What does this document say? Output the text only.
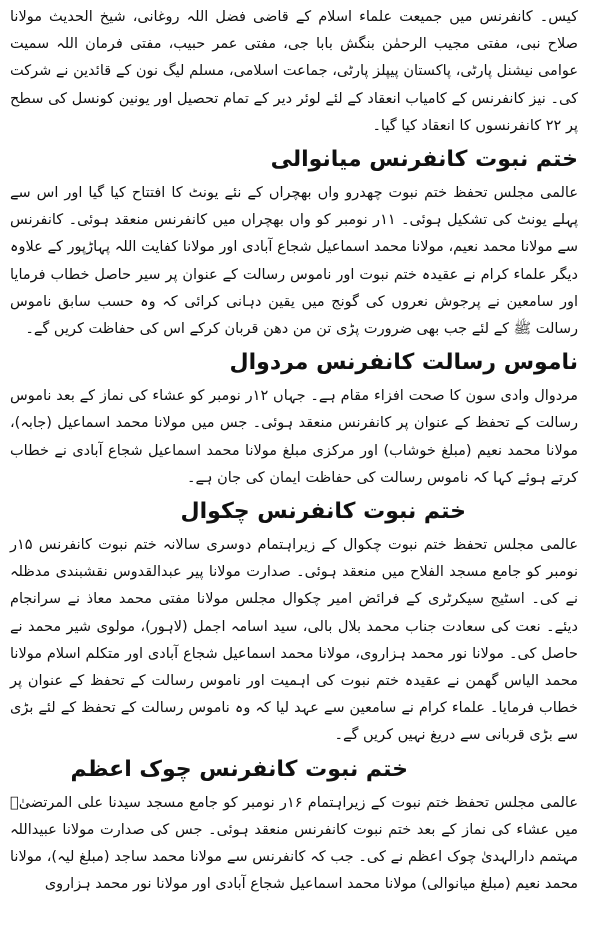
کیس۔ کانفرنس میں جمیعت علماء اسلام کے قاضی فضل اللہ روغانی، شیخ الحدیث مولانا صلاح نبی، مفتی مجیب الرحمٰن بنگش بابا جی، مفتی عمر حبیب، مفتی فرمان اللہ سمیت عوامی نیشنل پارٹی، پاکستان پیپلز پارٹی، جماعت اسلامی، مسلم لیگ نون کے قائدین نے شرکت کی۔ نیز کانفرنس کے کامیاب انعقاد کے لئے لوئر دیر کے تمام تحصیل اور یونین کونسل کی سطح پر ۲۲ کانفرنسوں کا انعقاد کیا گیا۔

ختم نبوت کانفرنس میانوالی

عالمی مجلس تحفظ ختم نبوت چھدرو واں بھچراں کے نئے یونٹ کا افتتاح کیا گیا اور اس سے پہلے یونٹ کی تشکیل ہوئی۔ ۱۱ر نومبر کو واں بھچراں میں کانفرنس منعقد ہوئی۔ کانفرنس سے مولانا محمد نعیم، مولانا محمد اسماعیل شجاع آبادی اور مولانا کفایت اللہ پہاڑپور کے علاوہ دیگر علماء کرام نے عقیدہ ختم نبوت اور ناموس رسالت کے عنوان پر سیر حاصل خطاب فرمایا اور سامعین نے پرجوش نعروں کی گونج میں یقین دہانی کرائی کہ وہ حسب سابق ناموس رسالت ﷺ کے لئے جب بھی ضرورت پڑی تن من دھن قربان کرکے اس کی حفاظت کریں گے۔

ناموس رسالت کانفرنس مردوال

مردوال وادی سون کا صحت افزاء مقام ہے۔ جہاں ۱۲ر نومبر کو عشاء کی نماز کے بعد ناموس رسالت کے تحفظ کے عنوان پر کانفرنس منعقد ہوئی۔ جس میں مولانا محمد اسماعیل (جابہ)، مولانا محمد نعیم (مبلغ خوشاب) اور مرکزی مبلغ مولانا محمد اسماعیل شجاع آبادی نے خطاب کرتے ہوئے کہا کہ ناموس رسالت کی حفاظت ایمان کی جان ہے۔

ختم نبوت کانفرنس چکوال

عالمی مجلس تحفظ ختم نبوت چکوال کے زیراہتمام دوسری سالانہ ختم نبوت کانفرنس ۱۵ر نومبر کو جامع مسجد الفلاح میں منعقد ہوئی۔ صدارت مولانا پیر عبدالقدوس نقشبندی مدظلہ نے کی۔ اسٹیج سیکرٹری کے فرائض امیر چکوال مجلس مولانا مفتی محمد معاذ نے سرانجام دیئے۔ نعت کی سعادت جناب محمد بلال بالی، سید اسامہ اجمل (لاہور)، مولوی شیر محمد نے حاصل کی۔ مولانا نور محمد ہزاروی، مولانا محمد اسماعیل شجاع آبادی اور متکلم اسلام مولانا محمد الیاس گھمن نے عقیدہ ختم نبوت کی اہمیت اور ناموس رسالت کے تحفظ کے عنوان پر خطاب فرمایا۔ علماء کرام نے سامعین سے عہد لیا کہ وہ ناموس رسالت کے تحفظ کے لئے بڑی سے بڑی قربانی سے دریغ نہیں کریں گے۔

ختم نبوت کانفرنس چوک اعظم

عالمی مجلس تحفظ ختم نبوت کے زیراہتمام ۱۶ر نومبر کو جامع مسجد سیدنا علی المرتضیٰؓ میں عشاء کی نماز کے بعد ختم نبوت کانفرنس منعقد ہوئی۔ جس کی صدارت مولانا عبیداللہ مہتمم دارالہدیٰ چوک اعظم نے کی۔ جب کہ کانفرنس سے مولانا محمد ساجد (مبلغ لیہ)، مولانا محمد نعیم (مبلغ میانوالی) مولانا محمد اسماعیل شجاع آبادی اور مولانا نور محمد ہزاروی
